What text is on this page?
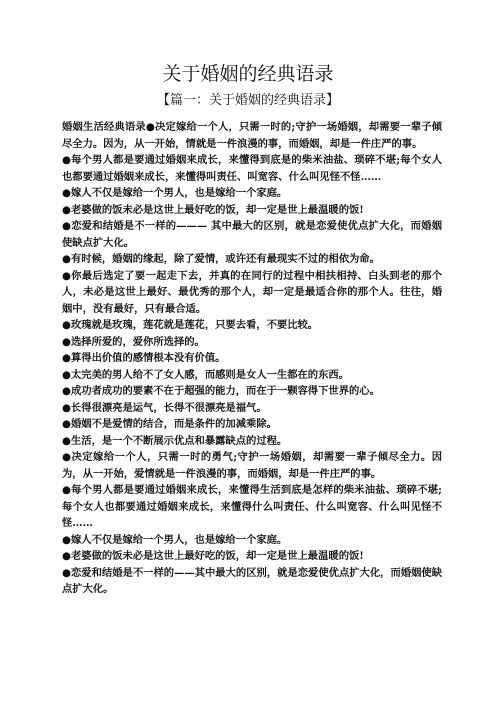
关于婚姻的经典语录
【篇一：关于婚姻的经典语录】

婚姻生活经典语录●决定嫁给一个人，只需一时的;守护一场婚姻，却需要一辈子倾尽全力。因为，从一开始，情就是一件浪漫的事，而婚姻，却是一件庄严的事。

●每个男人都是要通过婚姻来成长，来懂得到底是的柴米油盐、琐碎不堪;每个女人也都要通过婚姻来成长，来懂得叫责任、叫宽容、什么叫见怪不怪……

●嫁人不仅是嫁给一个男人，也是嫁给一个家庭。

●老婆做的饭未必是这世上最好吃的饭，却一定是世上最温暖的饭!

●恋爱和结婚是不一样的——— 其中最大的区别，就是恋爱使优点扩大化，而婚姻使缺点扩大化。

●有时候，婚姻的缘起，除了爱情，或许还有最现实不过的相依为命。

●你最后选定了要一起走下去，并真的在同行的过程中相扶相持、白头到老的那个人，未必是这世上最好、最优秀的那个人，却一定是最适合你的那个人。往往，婚姻中，没有最好，只有最合适。

●玫瑰就是玫瑰，莲花就是莲花，只要去看，不要比较。

●选择所爱的，爱你所选择的。

●算得出价值的感情根本没有价值。

●太完美的男人给不了女人感，而感则是女人一生都在的东西。

●成功者成功的要素不在于超强的能力，而在于一颗容得下世界的心。

●长得很漂亮是运气，长得不很漂亮是福气。

●婚姻不是爱情的结合，而是条件的加减乘除。

●生活，是一个不断展示优点和暴露缺点的过程。

●决定嫁给一个人，只需一时的勇气;守护一场婚姻，却需要一辈子倾尽全力。因为，从一开始，爱情就是一件浪漫的事，而婚姻，却是一件庄严的事。

●每个男人都是要通过婚姻来成长，来懂得生活到底是怎样的柴米油盐、琐碎不堪;每个女人也都要通过婚姻来成长，来懂得什么叫责任、什么叫宽容、什么叫见怪不怪……

●嫁人不仅是嫁给一个男人，也是嫁给一个家庭。

●老婆做的饭未必是这世上最好吃的饭，却一定是世上最温暖的饭!

●恋爱和结婚是不一样的——其中最大的区别，就是恋爱使优点扩大化，而婚姻使缺点扩大化。
